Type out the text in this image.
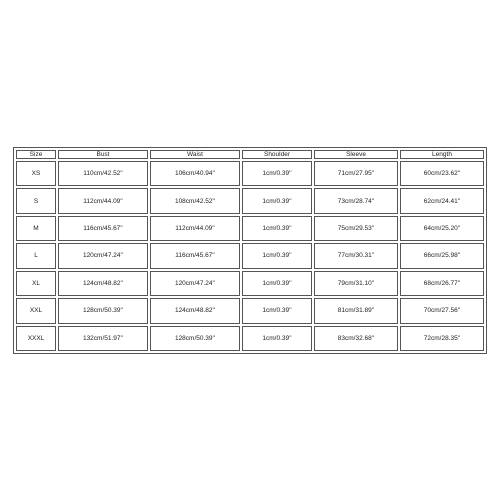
Size	Bust	Waist	Shoulder	Sleeve	Length
XS	110cm/42.52''	106cm/40.94''	1cm/0.39''	71cm/27.95''	60cm/23.62''
S	112cm/44.09''	108cm/42.52''	1cm/0.39''	73cm/28.74''	62cm/24.41''
M	116cm/45.67''	112cm/44.09''	1cm/0.39''	75cm/29.53''	64cm/25.20''
L	120cm/47.24''	116cm/45.67''	1cm/0.39''	77cm/30.31''	66cm/25.98''
XL	124cm/48.82''	120cm/47.24''	1cm/0.39''	79cm/31.10''	68cm/26.77''
XXL	128cm/50.39''	124cm/48.82''	1cm/0.39''	81cm/31.89''	70cm/27.56''
XXXL	132cm/51.97''	128cm/50.39''	1cm/0.39''	83cm/32.68''	72cm/28.35''
